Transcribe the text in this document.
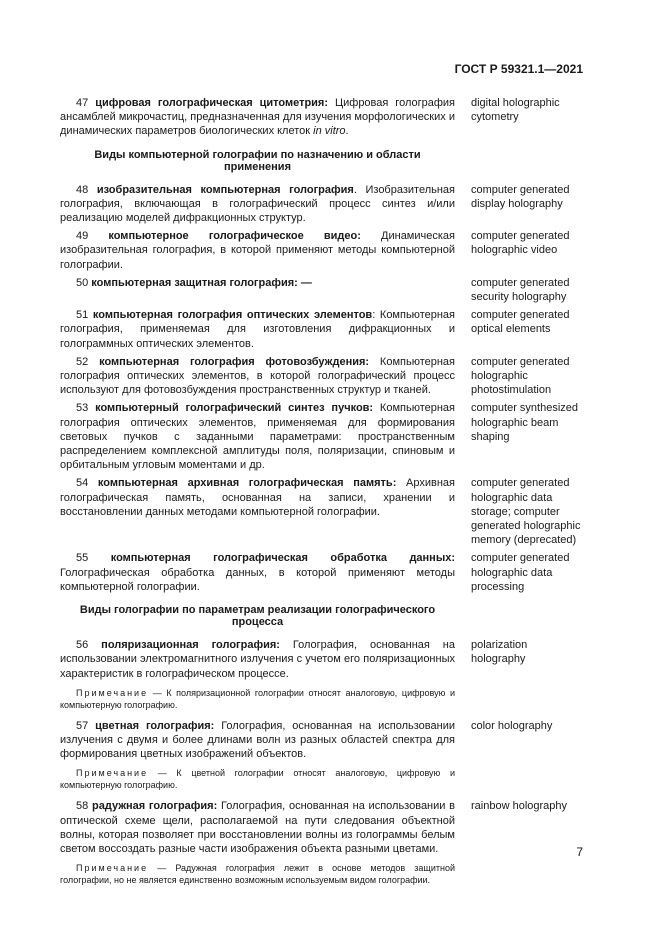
ГОСТ Р 59321.1—2021
47 цифровая голографическая цитометрия: Цифровая голография ансамблей микрочастиц, предназначенная для изучения морфологических и динамических параметров биологических клеток in vitro.
digital holographic cytometry
Виды компьютерной голографии по назначению и области применения
48 изобразительная компьютерная голография. Изобразительная голография, включающая в голографический процесс синтез и/или реализацию моделей дифракционных структур.
computer generated display holography
49 компьютерное голографическое видео: Динамическая изобразительная голография, в которой применяют методы компьютерной голографии.
computer generated holographic video
50 компьютерная защитная голография: —	computer generated security holography
51 компьютерная голография оптических элементов: Компьютерная голография, применяемая для изготовления дифракционных и голограммных оптических элементов.
computer generated optical elements
52 компьютерная голография фотовозбуждения: Компьютерная голография оптических элементов, в которой голографический процесс используют для фотовозбуждения пространственных структур и тканей.
computer generated holographic photostimulation
53 компьютерный голографический синтез пучков: Компьютерная голография оптических элементов, применяемая для формирования световых пучков с заданными параметрами: пространственным распределением комплексной амплитуды поля, поляризации, спиновым и орбитальным угловым моментами и др.
computer synthesized holographic beam shaping
54 компьютерная архивная голографическая память: Архивная голографическая память, основанная на записи, хранении и восстановлении данных методами компьютерной голографии.
computer generated holographic data storage; computer generated holographic memory (deprecated)
55 компьютерная голографическая обработка данных: Голографическая обработка данных, в которой применяют методы компьютерной голографии.
computer generated holographic data processing
Виды голографии по параметрам реализации голографического процесса
56 поляризационная голография: Голография, основанная на использовании электромагнитного излучения с учетом его поляризационных характеристик в голографическом процессе.
polarization holography
Примечание — К поляризационной голографии относят аналоговую, цифровую и компьютерную голографию.
57 цветная голография: Голография, основанная на использовании излучения с двумя и более длинами волн из разных областей спектра для формирования цветных изображений объектов.
color holography
Примечание — К цветной голографии относят аналоговую, цифровую и компьютерную голографию.
58 радужная голография: Голография, основанная на использовании в оптической схеме щели, располагаемой на пути следования объектной волны, которая позволяет при восстановлении волны из голограммы белым светом воссоздать разные части изображения объекта разными цветами.
rainbow holography
Примечание — Радужная голография лежит в основе методов защитной голографии, но не является единственно возможным используемым видом голографии.
7
